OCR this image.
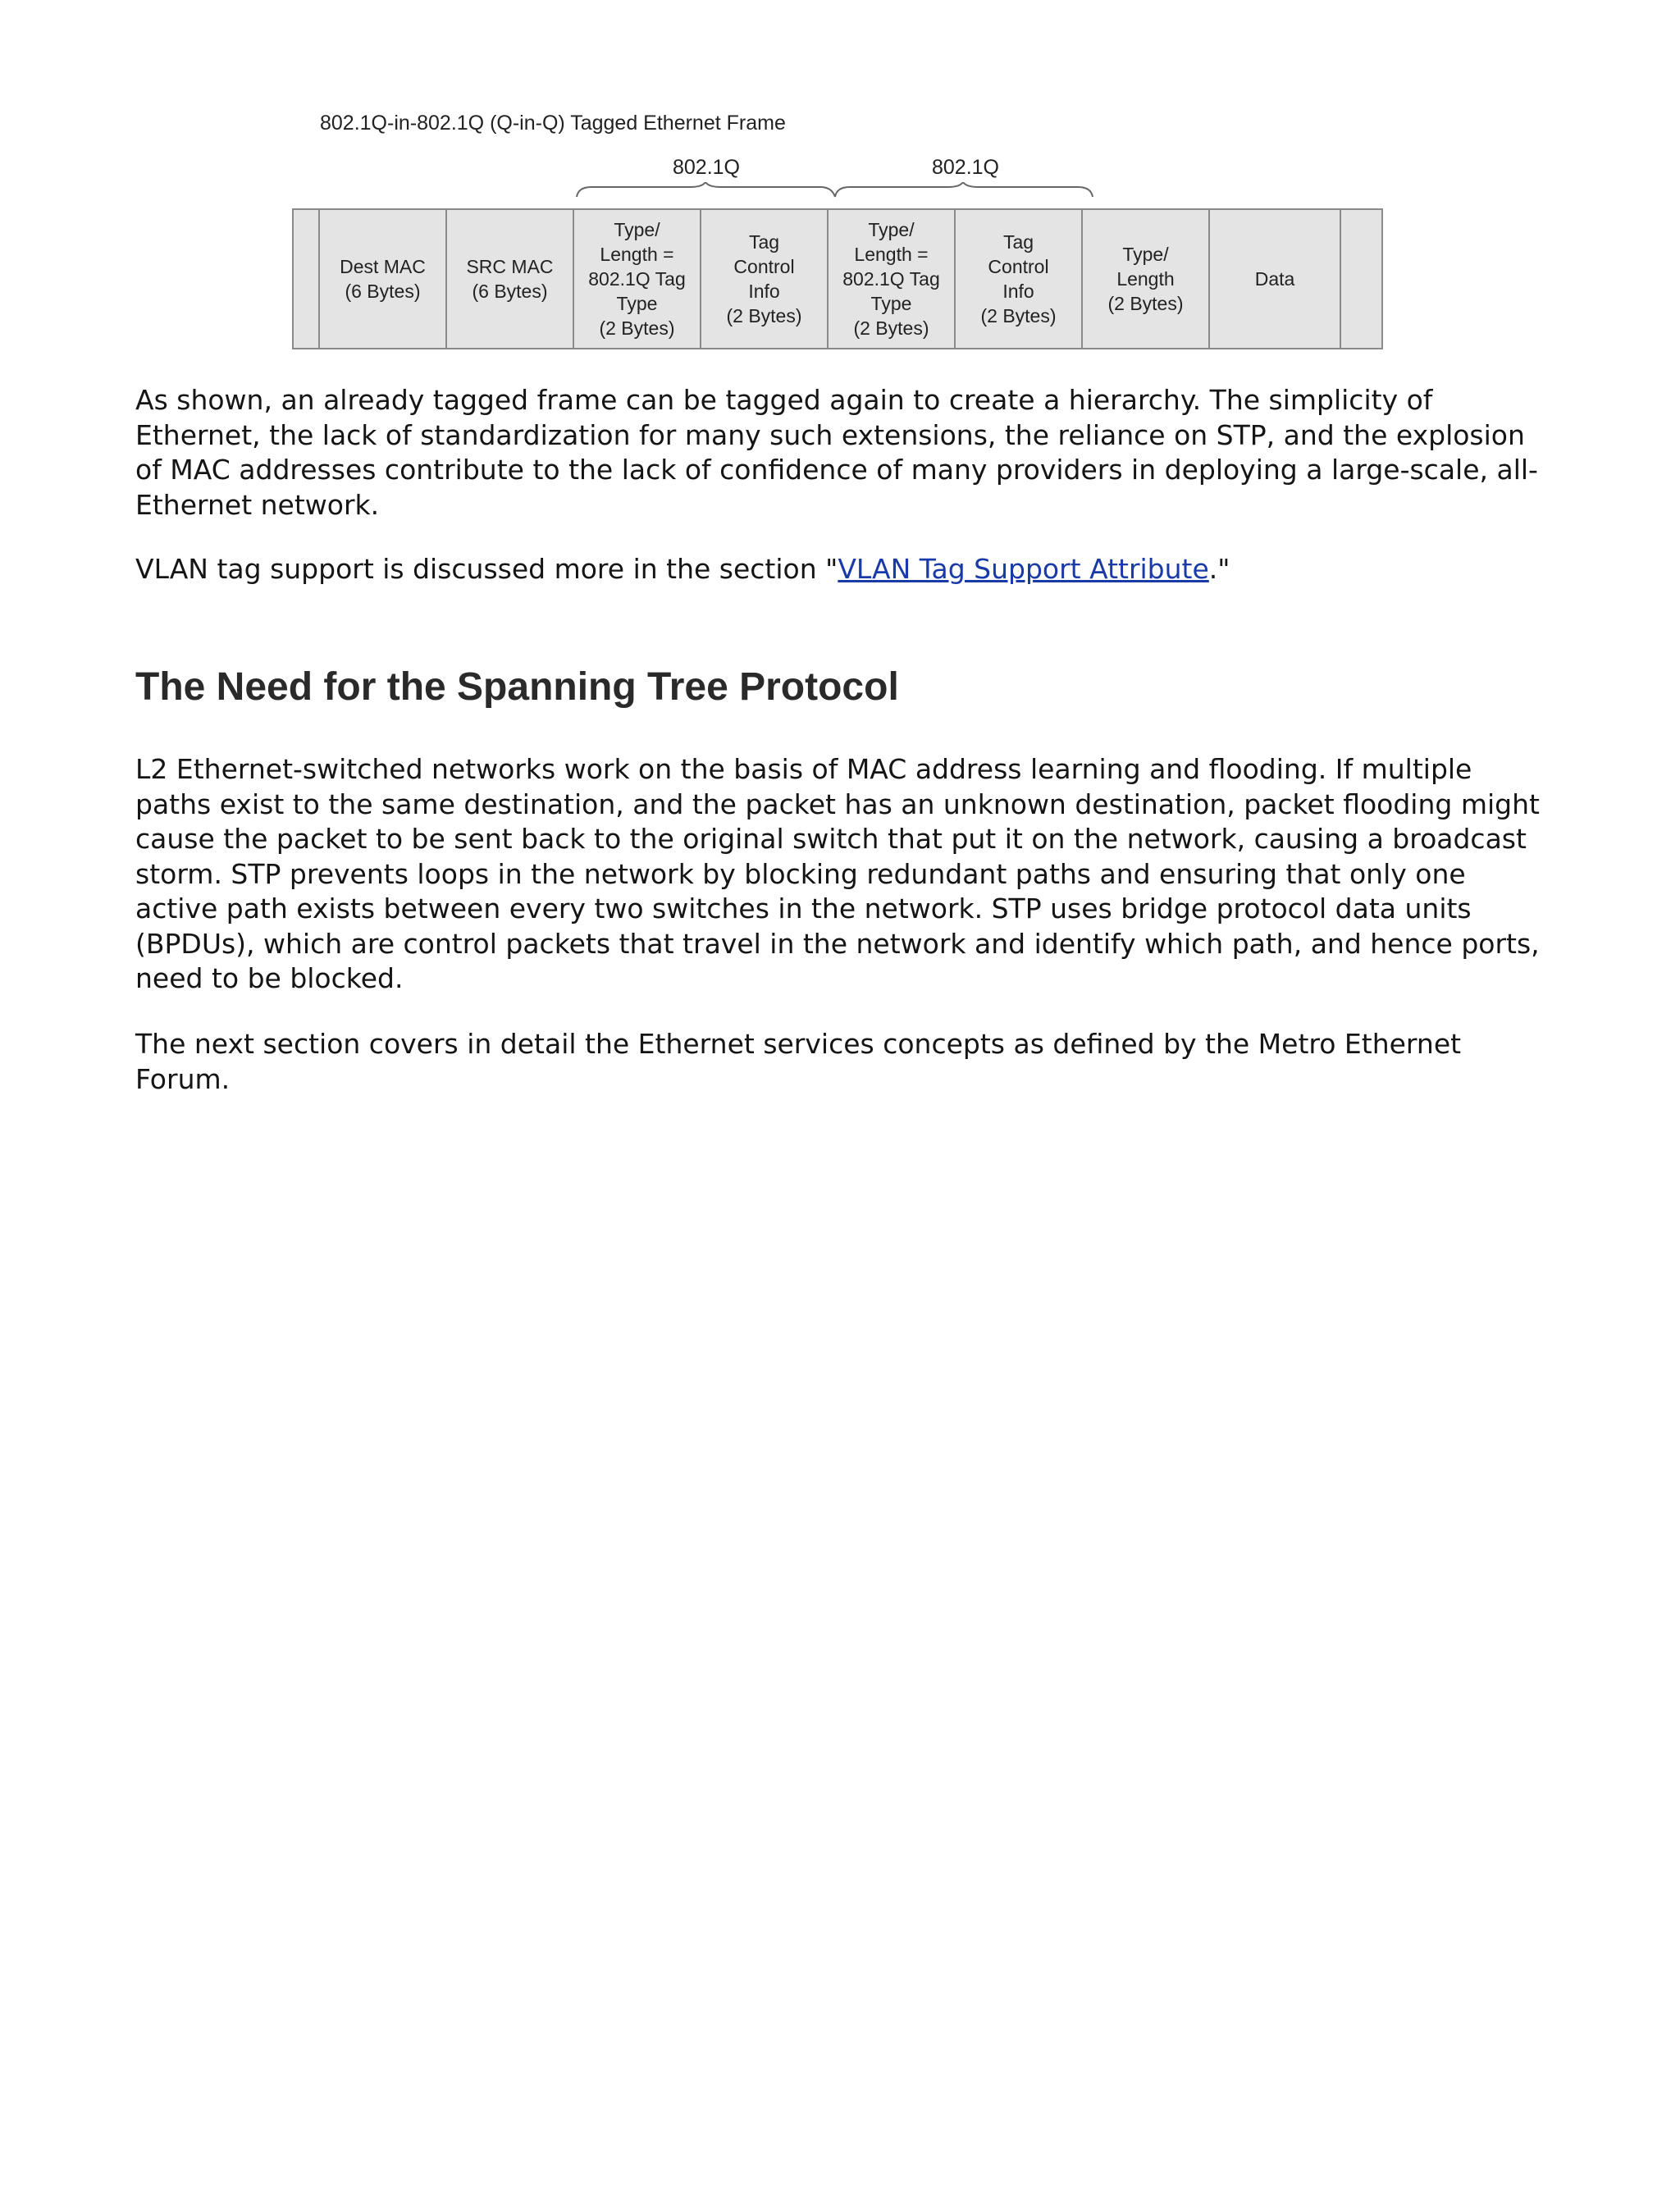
802.1Q-in-802.1Q (Q-in-Q) Tagged Ethernet Frame
802.1Q	802.1Q
Dest MAC
(6 Bytes)
SRC MAC
(6 Bytes)
Type/
Length =
802.1Q Tag
Type
(2 Bytes)
Tag
Control
Info
(2 Bytes)
Type/
Length =
802.1Q Tag
Type
(2 Bytes)
Tag
Control
Info
(2 Bytes)
Type/
Length
(2 Bytes)
Data

As shown, an already tagged frame can be tagged again to create a hierarchy. The simplicity of Ethernet, the lack of standardization for many such extensions, the reliance on STP, and the explosion of MAC addresses contribute to the lack of confidence of many providers in deploying a large-scale, all-Ethernet network.

VLAN tag support is discussed more in the section "VLAN Tag Support Attribute."

The Need for the Spanning Tree Protocol

L2 Ethernet-switched networks work on the basis of MAC address learning and flooding. If multiple paths exist to the same destination, and the packet has an unknown destination, packet flooding might cause the packet to be sent back to the original switch that put it on the network, causing a broadcast storm. STP prevents loops in the network by blocking redundant paths and ensuring that only one active path exists between every two switches in the network. STP uses bridge protocol data units (BPDUs), which are control packets that travel in the network and identify which path, and hence ports, need to be blocked.

The next section covers in detail the Ethernet services concepts as defined by the Metro Ethernet Forum.
